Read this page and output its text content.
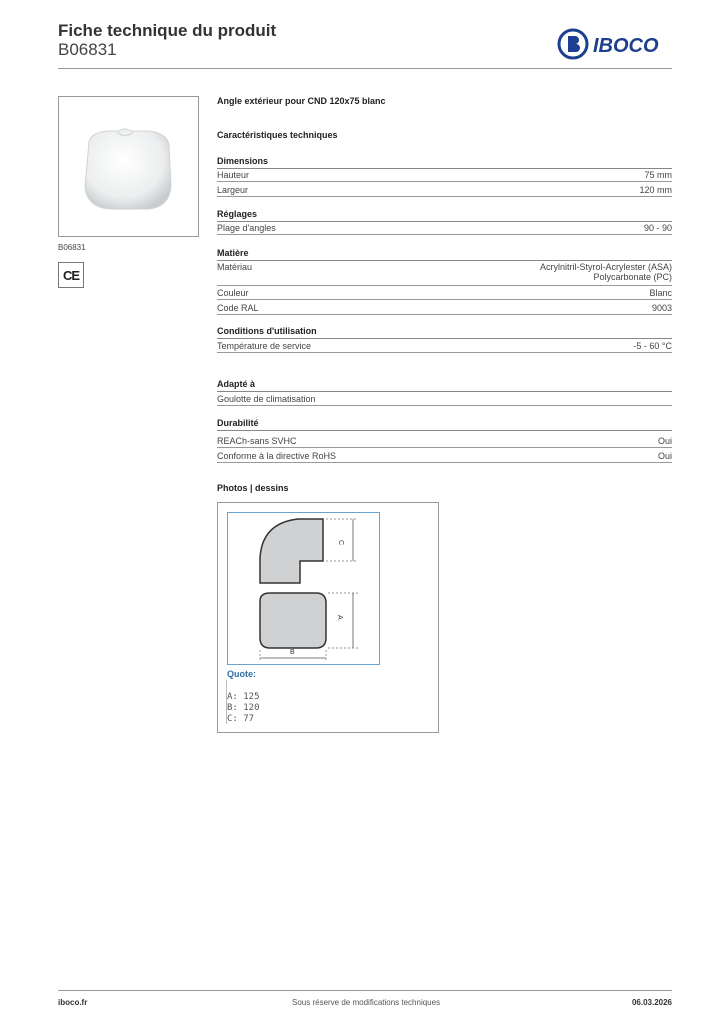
Fiche technique du produit
B06831	IBOCO
B06831
CE
Angle extérieur pour CND 120x75 blanc
Caractéristiques techniques
Dimensions
Hauteur	75 mm
Largeur	120 mm
Réglages
Plage d'angles	90 - 90
Matière
Matériau	Acrylnitril-Styrol-Acrylester (ASA)
Polycarbonate (PC)
Couleur	Blanc
Code RAL	9003
Conditions d'utilisation
Température de service	-5 - 60 °C
Adapté à
Goulotte de climatisation
Durabilité
REACh-sans SVHC	Oui
Conforme à la directive RoHS	Oui
Photos | dessins
C
A
B
Quote:
A: 125
B: 120
C: 77
iboco.fr	Sous réserve de modifications techniques	06.03.2026
